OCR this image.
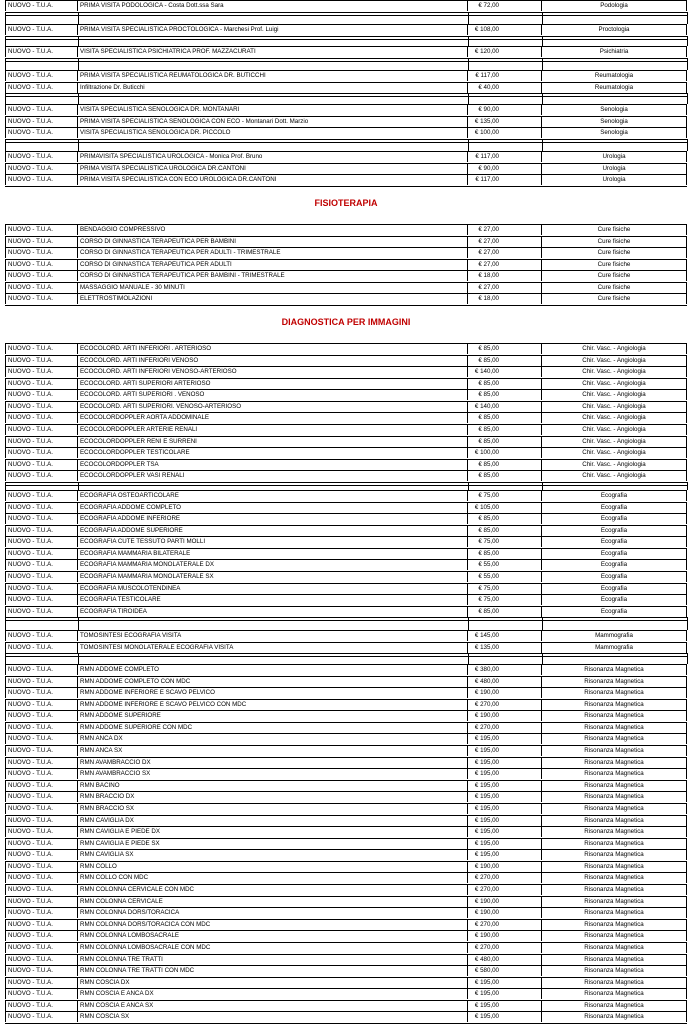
NUOVO - T.U.A.	PRIMA VISITA PODOLOGICA - Costa Dott.ssa Sara	€ 72,00	Podologia
NUOVO - T.U.A.	PRIMA VISITA SPECIALISTICA PROCTOLOGICA - Marchesi Prof. Luigi	€ 108,00	Proctologia
NUOVO - T.U.A.	VISITA SPECIALISTICA PSICHIATRICA PROF. MAZZACURATI	€ 120,00	Psichiatria
NUOVO - T.U.A.	PRIMA VISITA SPECIALISTICA REUMATOLOGICA DR. BUTICCHI	€ 117,00	Reumatologia
NUOVO - T.U.A.	Infiltrazione Dr. Buticchi	€ 40,00	Reumatologia
NUOVO - T.U.A.	VISITA SPECIALISTICA SENOLOGICA DR. MONTANARI	€ 90,00	Senologia
NUOVO - T.U.A.	PRIMA VISITA SPECIALISTICA SENOLOGICA CON ECO - Montanari Dott. Marzio	€ 135,00	Senologia
NUOVO - T.U.A.	VISITA SPECIALISTICA SENOLOGICA DR. PICCOLO	€ 100,00	Senologia
NUOVO - T.U.A.	PRIMAVISITA SPECIALISTICA UROLOGICA - Monica Prof. Bruno	€ 117,00	Urologia
NUOVO - T.U.A.	PRIMA VISITA SPECIALISTICA UROLOGICA DR.CANTONI	€ 90,00	Urologia
NUOVO - T.U.A.	PRIMA VISITA SPECIALISTICA CON ECO UROLOGICA DR.CANTONI	€ 117,00	Urologia
FISIOTERAPIA
NUOVO - T.U.A.	BENDAGGIO COMPRESSIVO	€ 27,00	Cure fisiche
NUOVO - T.U.A.	CORSO DI GINNASTICA TERAPEUTICA PER BAMBINI	€ 27,00	Cure fisiche
NUOVO - T.U.A.	CORSO DI GINNASTICA TERAPEUTICA PER ADULTI - TRIMESTRALE	€ 27,00	Cure fisiche
NUOVO - T.U.A.	CORSO DI GINNASTICA TERAPEUTICA PER ADULTI	€ 27,00	Cure fisiche
NUOVO - T.U.A.	CORSO DI GINNASTICA TERAPEUTICA PER BAMBINI - TRIMESTRALE	€ 18,00	Cure fisiche
NUOVO - T.U.A.	MASSAGGIO MANUALE - 30 MINUTI	€ 27,00	Cure fisiche
NUOVO - T.U.A.	ELETTROSTIMOLAZIONI	€ 18,00	Cure fisiche
DIAGNOSTICA PER IMMAGINI
NUOVO - T.U.A.	ECOCOLORD. ARTI INFERIORI . ARTERIOSO	€ 85,00	Chir. Vasc. - Angiologia
NUOVO - T.U.A.	ECOCOLORD. ARTI INFERIORI VENOSO	€ 85,00	Chir. Vasc. - Angiologia
NUOVO - T.U.A.	ECOCOLORD. ARTI INFERIORI VENOSO-ARTERIOSO	€ 140,00	Chir. Vasc. - Angiologia
NUOVO - T.U.A.	ECOCOLORD. ARTI SUPERIORI ARTERIOSO	€ 85,00	Chir. Vasc. - Angiologia
NUOVO - T.U.A.	ECOCOLORD. ARTI SUPERIORI . VENOSO	€ 85,00	Chir. Vasc. - Angiologia
NUOVO - T.U.A.	ECOCOLORD. ARTI SUPERIORI. VENOSO-ARTERIOSO	€ 140,00	Chir. Vasc. - Angiologia
NUOVO - T.U.A.	ECOCOLORDOPPLER AORTA ADDOMINALE	€ 85,00	Chir. Vasc. - Angiologia
NUOVO - T.U.A.	ECOCOLORDOPPLER ARTERIE RENALI	€ 85,00	Chir. Vasc. - Angiologia
NUOVO - T.U.A.	ECOCOLORDOPPLER RENI E SURRENI	€ 85,00	Chir. Vasc. - Angiologia
NUOVO - T.U.A.	ECOCOLORDOPPLER TESTICOLARE	€ 100,00	Chir. Vasc. - Angiologia
NUOVO - T.U.A.	ECOCOLORDOPPLER TSA	€ 85,00	Chir. Vasc. - Angiologia
NUOVO - T.U.A.	ECOCOLORDOPPLER VASI RENALI	€ 85,00	Chir. Vasc. - Angiologia
NUOVO - T.U.A.	ECOGRAFIA OSTEOARTICOLARE	€ 75,00	Ecografia
NUOVO - T.U.A.	ECOGRAFIA ADDOME COMPLETO	€ 105,00	Ecografia
NUOVO - T.U.A.	ECOGRAFIA ADDOME INFERIORE	€ 85,00	Ecografia
NUOVO - T.U.A.	ECOGRAFIA ADDOME SUPERIORE	€ 85,00	Ecografia
NUOVO - T.U.A.	ECOGRAFIA CUTE TESSUTO PARTI MOLLI	€ 75,00	Ecografia
NUOVO - T.U.A.	ECOGRAFIA MAMMARIA BILATERALE	€ 85,00	Ecografia
NUOVO - T.U.A.	ECOGRAFIA MAMMARIA MONOLATERALE DX	€ 55,00	Ecografia
NUOVO - T.U.A.	ECOGRAFIA MAMMARIA MONOLATERALE SX	€ 55,00	Ecografia
NUOVO - T.U.A.	ECOGRAFIA MUSCOLOTENDINEA	€ 75,00	Ecografia
NUOVO - T.U.A.	ECOGRAFIA TESTICOLARE	€ 75,00	Ecografia
NUOVO - T.U.A.	ECOGRAFIA TIROIDEA	€ 85,00	Ecografia
NUOVO - T.U.A.	TOMOSINTESI ECOGRAFIA VISITA	€ 145,00	Mammografia
NUOVO - T.U.A.	TOMOSINTESI MONOLATERALE ECOGRAFIA VISITA	€ 135,00	Mammografia
NUOVO - T.U.A.	RMN ADDOME COMPLETO	€ 380,00	Risonanza Magnetica
NUOVO - T.U.A.	RMN ADDOME COMPLETO CON MDC	€ 480,00	Risonanza Magnetica
NUOVO - T.U.A.	RMN ADDOME INFERIORE E SCAVO PELVICO	€ 190,00	Risonanza Magnetica
NUOVO - T.U.A.	RMN ADDOME INFERIORE E SCAVO PELVICO CON MDC	€ 270,00	Risonanza Magnetica
NUOVO - T.U.A.	RMN ADDOME SUPERIORE	€ 190,00	Risonanza Magnetica
NUOVO - T.U.A.	RMN ADDOME SUPERIORE CON MDC	€ 270,00	Risonanza Magnetica
NUOVO - T.U.A.	RMN ANCA DX	€ 195,00	Risonanza Magnetica
NUOVO - T.U.A.	RMN ANCA SX	€ 195,00	Risonanza Magnetica
NUOVO - T.U.A.	RMN AVAMBRACCIO DX	€ 195,00	Risonanza Magnetica
NUOVO - T.U.A.	RMN AVAMBRACCIO SX	€ 195,00	Risonanza Magnetica
NUOVO - T.U.A.	RMN BACINO	€ 195,00	Risonanza Magnetica
NUOVO - T.U.A.	RMN BRACCIO DX	€ 195,00	Risonanza Magnetica
NUOVO - T.U.A.	RMN BRACCIO SX	€ 195,00	Risonanza Magnetica
NUOVO - T.U.A.	RMN CAVIGLIA DX	€ 195,00	Risonanza Magnetica
NUOVO - T.U.A.	RMN CAVIGLIA E PIEDE DX	€ 195,00	Risonanza Magnetica
NUOVO - T.U.A.	RMN CAVIGLIA E PIEDE SX	€ 195,00	Risonanza Magnetica
NUOVO - T.U.A.	RMN CAVIGLIA SX	€ 195,00	Risonanza Magnetica
NUOVO - T.U.A.	RMN COLLO	€ 190,00	Risonanza Magnetica
NUOVO - T.U.A.	RMN COLLO CON MDC	€ 270,00	Risonanza Magnetica
NUOVO - T.U.A.	RMN COLONNA CERVICALE CON MDC	€ 270,00	Risonanza Magnetica
NUOVO - T.U.A.	RMN COLONNA CERVICALE	€ 190,00	Risonanza Magnetica
NUOVO - T.U.A.	RMN COLONNA DORS/TORACICA	€ 190,00	Risonanza Magnetica
NUOVO - T.U.A.	RMN COLONNA DORS/TORACICA CON MDC	€ 270,00	Risonanza Magnetica
NUOVO - T.U.A.	RMN COLONNA LOMBOSACRALE	€ 190,00	Risonanza Magnetica
NUOVO - T.U.A.	RMN COLONNA LOMBOSACRALE CON MDC	€ 270,00	Risonanza Magnetica
NUOVO - T.U.A.	RMN COLONNA TRE TRATTI	€ 480,00	Risonanza Magnetica
NUOVO - T.U.A.	RMN COLONNA TRE TRATTI CON MDC	€ 580,00	Risonanza Magnetica
NUOVO - T.U.A.	RMN COSCIA DX	€ 195,00	Risonanza Magnetica
NUOVO - T.U.A.	RMN COSCIA E ANCA DX	€ 195,00	Risonanza Magnetica
NUOVO - T.U.A.	RMN COSCIA E ANCA SX	€ 195,00	Risonanza Magnetica
NUOVO - T.U.A.	RMN COSCIA SX	€ 195,00	Risonanza Magnetica
